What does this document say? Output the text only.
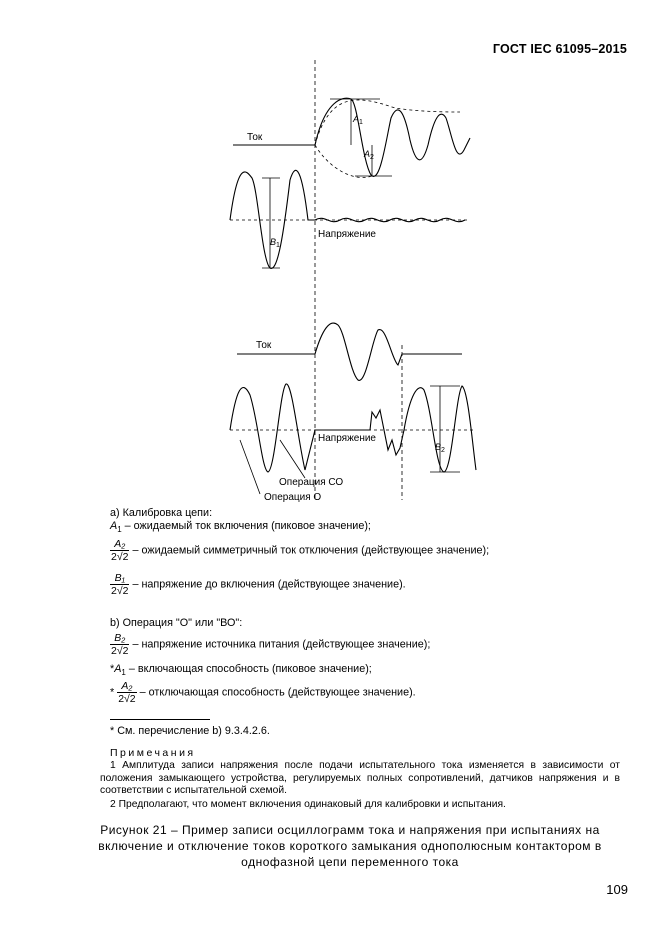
ГОСТ IEC 61095–2015
Ток
Напряжение
Ток
Напряжение
Операция СО
Операция О
A 1
A 2
B 1
B 2
a) Калибровка цепи:
$A_1$ – ожидаемый ток включения (пиковое значение);
$\frac{\text{A₂}}{2√2}$ – ожидаемый симметричный ток отключения (действующее значение);
$\frac{\text{B₁}}{2√2}$ – напряжение до включения (действующее значение).
b) Операция "О" или "ВО":
$\frac{\text{B₂}}{2√2}$ – напряжение источника питания (действующее значение);
$*A_1$ – включающая способность (пиковое значение);
* $\frac{\text{A₂}}{2√2}$ – отключающая способность (действующее значение).
* См. перечисление b) 9.3.4.2.6.
Примечания
1 Амплитуда записи напряжения после подачи испытательного тока изменяется в зависимости от положения замыкающего устройства, регулируемых полных сопротивлений, датчиков напряжения и в соответствии с испытательной схемой.
2 Предполагают, что момент включения одинаковый для калибровки и испытания.
Рисунок 21 – Пример записи осциллограмм тока и напряжения при испытаниях на включение и отключение токов короткого замыкания однополюсным контактором в однофазной цепи переменного тока
109
